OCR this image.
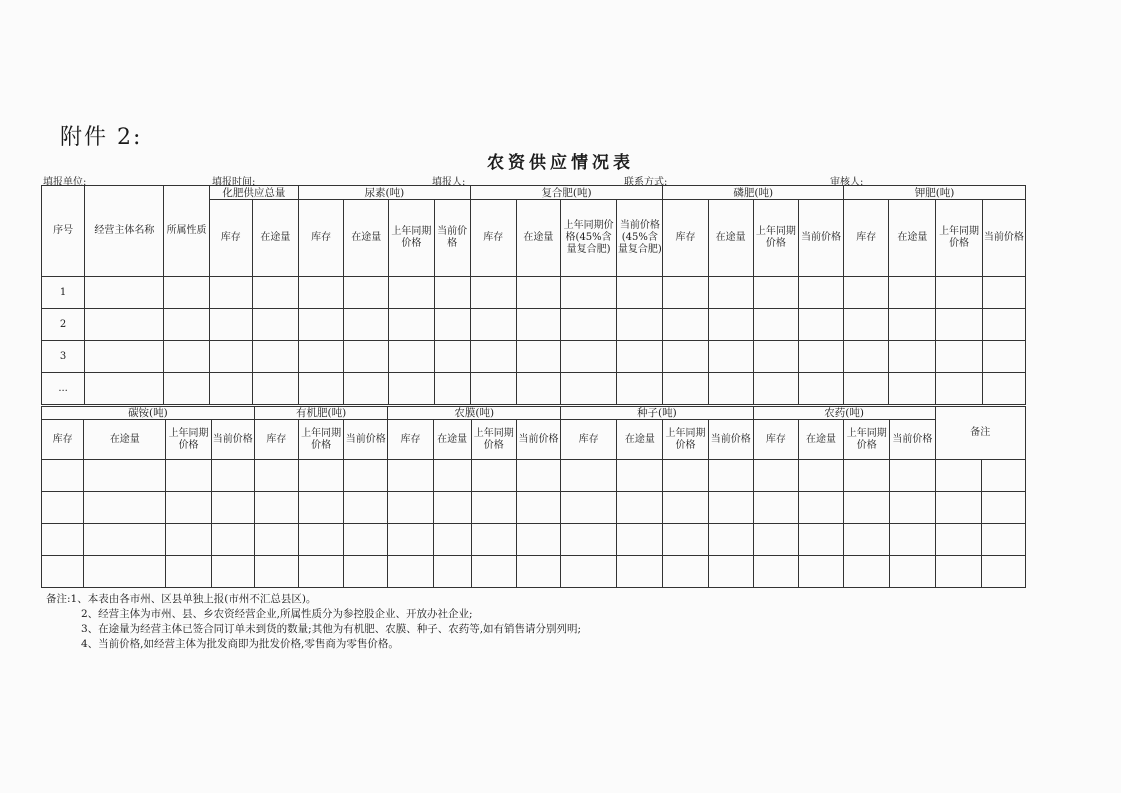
附件 2:
农资供应情况表
填报单位:	填报时间:	填报人:	联系方式:	审核人:
序号	经营主体名称	所属性质	化肥供应总量		尿素(吨)				复合肥(吨)				磷肥(吨)				钾肥(吨)			
			库存	在途量	库存	在途量	上年同期价格	当前价格	库存	在途量	上年同期价格(45%含量复合肥)	当前价格(45%含量复合肥)	库存	在途量	上年同期价格	当前价格	库存	在途量	上年同期价格	当前价格
1																				
2																				
3																				
...																				
碳铵(吨)				有机肥(吨)			农膜(吨)				种子(吨)				农药(吨)				备注	
库存	在途量	上年同期价格	当前价格	库存	上年同期价格	当前价格	库存	在途量	上年同期价格	当前价格	库存	在途量	上年同期价格	当前价格	库存	在途量	上年同期价格	当前价格		

备注:1、本表由各市州、区县单独上报(市州不汇总县区)。
2、经营主体为市州、县、乡农资经营企业,所属性质分为参控股企业、开放办社企业;
3、在途量为经营主体已签合同订单未到货的数量;其他为有机肥、农膜、种子、农药等,如有销售请分别列明;
4、当前价格,如经营主体为批发商即为批发价格,零售商为零售价格。
